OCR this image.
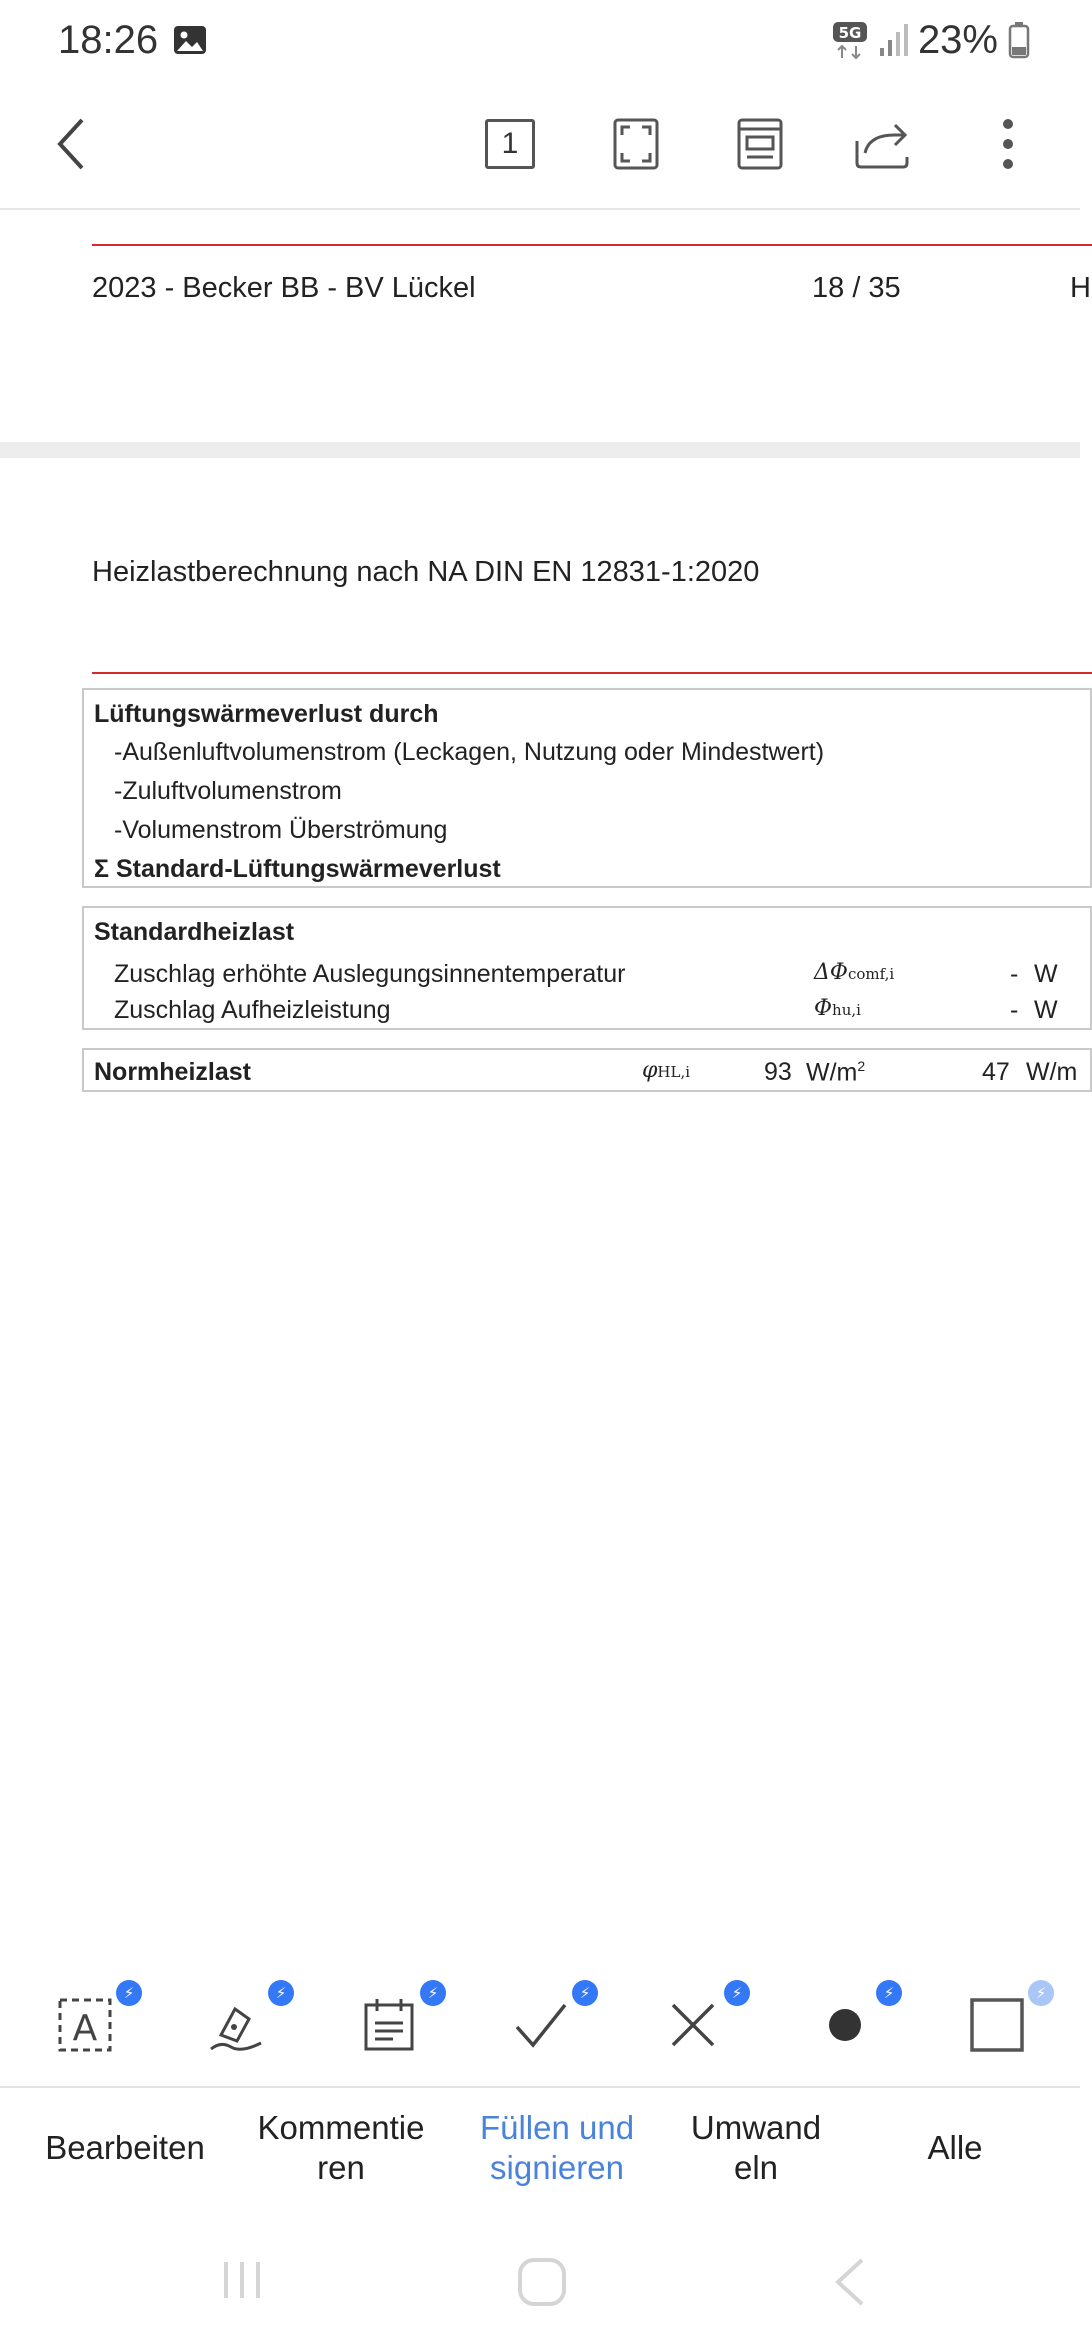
18:26	5G 23%
1
2023 - Becker BB - BV Lückel	18 / 35	H
Heizlastberechnung nach NA DIN EN 12831-1:2020
Lüftungswärmeverlust durch
-Außenluftvolumenstrom (Leckagen, Nutzung oder Mindestwert)
-Zuluftvolumenstrom
-Volumenstrom Überströmung
Σ Standard-Lüftungswärmeverlust
Standardheizlast
Zuschlag erhöhte Auslegungsinnentemperatur	ΔΦcomf,i	- W
Zuschlag Aufheizleistung	Φhu,i	- W
Normheizlast	φHL,i	93 $W/m^2$	47 W/m
A
⚡	⚡	⚡	⚡	⚡	⚡	⚡
Bearbeiten
Kommentie
ren
Füllen und
signieren
Umwand
eln
Alle
